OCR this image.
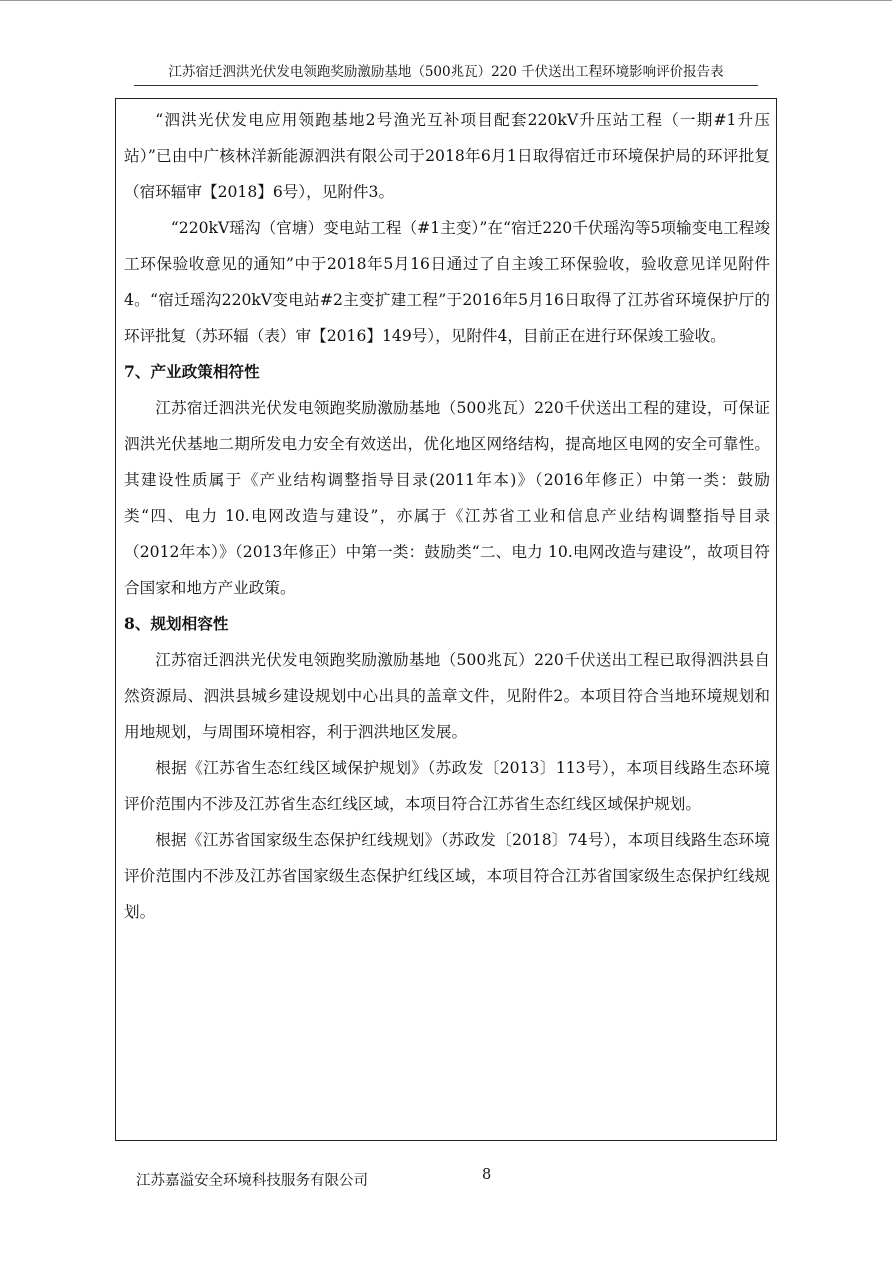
江苏宿迁泗洪光伏发电领跑奖励激励基地（500兆瓦）220 千伏送出工程环境影响评价报告表

“泗洪光伏发电应用领跑基地2号渔光互补项目配套220kV升压站工程（一期#1升压站）”已由中广核林洋新能源泗洪有限公司于2018年6月1日取得宿迁市环境保护局的环评批复（宿环辐审【2018】6号），见附件3。

“220kV瑶沟（官塘）变电站工程（#1主变）”在“宿迁220千伏瑶沟等5项输变电工程竣工环保验收意见的通知”中于2018年5月16日通过了自主竣工环保验收，验收意见详见附件4。“宿迁瑶沟220kV变电站#2主变扩建工程”于2016年5月16日取得了江苏省环境保护厅的环评批复（苏环辐（表）审【2016】149号），见附件4，目前正在进行环保竣工验收。

7、产业政策相符性

江苏宿迁泗洪光伏发电领跑奖励激励基地（500兆瓦）220千伏送出工程的建设，可保证泗洪光伏基地二期所发电力安全有效送出，优化地区网络结构，提高地区电网的安全可靠性。其建设性质属于《产业结构调整指导目录(2011年本)》（2016年修正）中第一类：鼓励类“四、电力 10.电网改造与建设”，亦属于《江苏省工业和信息产业结构调整指导目录（2012年本）》（2013年修正）中第一类：鼓励类“二、电力 10.电网改造与建设”，故项目符合国家和地方产业政策。

8、规划相容性

江苏宿迁泗洪光伏发电领跑奖励激励基地（500兆瓦）220千伏送出工程已取得泗洪县自然资源局、泗洪县城乡建设规划中心出具的盖章文件，见附件2。本项目符合当地环境规划和用地规划，与周围环境相容，利于泗洪地区发展。

根据《江苏省生态红线区域保护规划》（苏政发〔2013〕113号），本项目线路生态环境评价范围内不涉及江苏省生态红线区域，本项目符合江苏省生态红线区域保护规划。

根据《江苏省国家级生态保护红线规划》（苏政发〔2018〕74号），本项目线路生态环境评价范围内不涉及江苏省国家级生态保护红线区域，本项目符合江苏省国家级生态保护红线规划。

江苏嘉溢安全环境科技服务有限公司	8
